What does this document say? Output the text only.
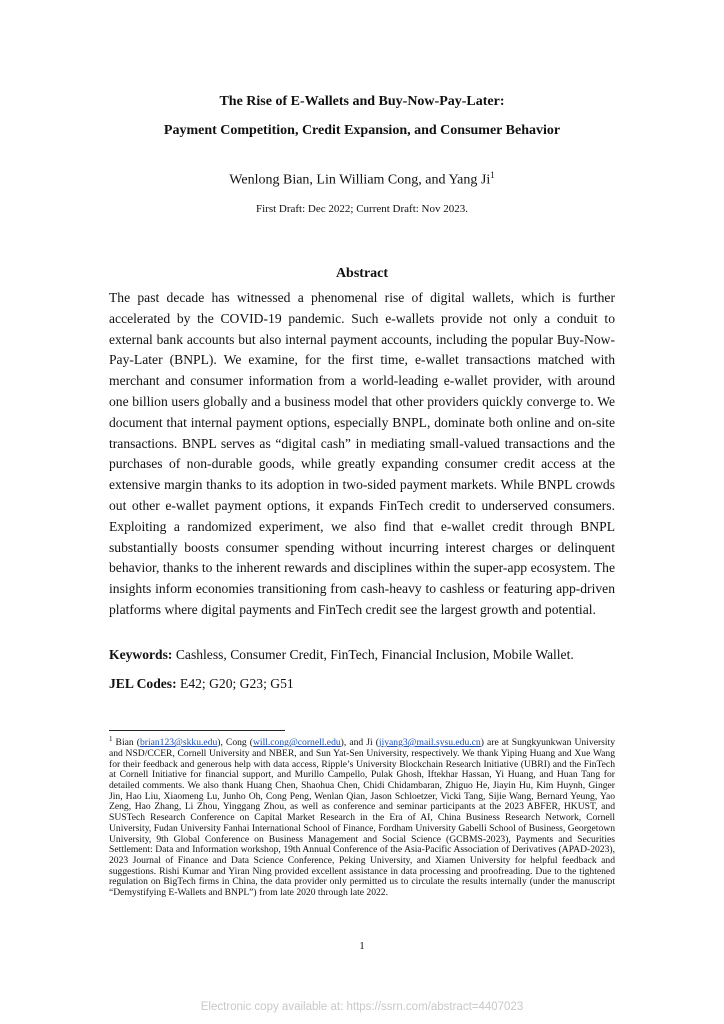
The Rise of E-Wallets and Buy-Now-Pay-Later:
Payment Competition, Credit Expansion, and Consumer Behavior
Wenlong Bian, Lin William Cong, and Yang Ji$^1$
First Draft: Dec 2022; Current Draft: Nov 2023.
Abstract

The past decade has witnessed a phenomenal rise of digital wallets, which is further accelerated by the COVID-19 pandemic. Such e-wallets provide not only a conduit to external bank accounts but also internal payment accounts, including the popular Buy-Now-Pay-Later (BNPL). We examine, for the first time, e-wallet transactions matched with merchant and consumer information from a world-leading e-wallet provider, with around one billion users globally and a business model that other providers quickly converge to. We document that internal payment options, especially BNPL, dominate both online and on-site transactions. BNPL serves as “digital cash” in mediating small-valued transactions and the purchases of non-durable goods, while greatly expanding consumer credit access at the extensive margin thanks to its adoption in two-sided payment markets. While BNPL crowds out other e-wallet payment options, it expands FinTech credit to underserved consumers. Exploiting a randomized experiment, we also find that e-wallet credit through BNPL substantially boosts consumer spending without incurring interest charges or delinquent behavior, thanks to the inherent rewards and disciplines within the super-app ecosystem. The insights inform economies transitioning from cash-heavy to cashless or featuring app-driven platforms where digital payments and FinTech credit see the largest growth and potential.

Keywords: Cashless, Consumer Credit, FinTech, Financial Inclusion, Mobile Wallet.
JEL Codes: E42; G20; G23; G51

$^1$ Bian (brian123@skku.edu), Cong (will.cong@cornell.edu), and Ji (jiyang3@mail.sysu.edu.cn) are at Sungkyunkwan University and NSD/CCER, Cornell University and NBER, and Sun Yat-Sen University, respectively. We thank Yiping Huang and Xue Wang for their feedback and generous help with data access, Ripple’s University Blockchain Research Initiative (UBRI) and the FinTech at Cornell Initiative for financial support, and Murillo Campello, Pulak Ghosh, Iftekhar Hassan, Yi Huang, and Huan Tang for detailed comments. We also thank Huang Chen, Shaohua Chen, Chidi Chidambaran, Zhiguo He, Jiayin Hu, Kim Huynh, Ginger Jin, Hao Liu, Xiaomeng Lu, Junho Oh, Cong Peng, Wenlan Qian, Jason Schloetzer, Vicki Tang, Sijie Wang, Bernard Yeung, Yao Zeng, Hao Zhang, Li Zhou, Yinggang Zhou, as well as conference and seminar participants at the 2023 ABFER, HKUST, and SUSTech Research Conference on Capital Market Research in the Era of AI, China Business Research Network, Cornell University, Fudan University Fanhai International School of Finance, Fordham University Gabelli School of Business, Georgetown University, 9th Global Conference on Business Management and Social Science (GCBMS-2023), Payments and Securities Settlement: Data and Information workshop, 19th Annual Conference of the Asia-Pacific Association of Derivatives (APAD-2023), 2023 Journal of Finance and Data Science Conference, Peking University, and Xiamen University for helpful feedback and suggestions. Rishi Kumar and Yiran Ning provided excellent assistance in data processing and proofreading. Due to the tightened regulation on BigTech firms in China, the data provider only permitted us to circulate the results internally (under the manuscript “Demystifying E-Wallets and BNPL”) from late 2020 through late 2022.

1
Electronic copy available at: https://ssrn.com/abstract=4407023
